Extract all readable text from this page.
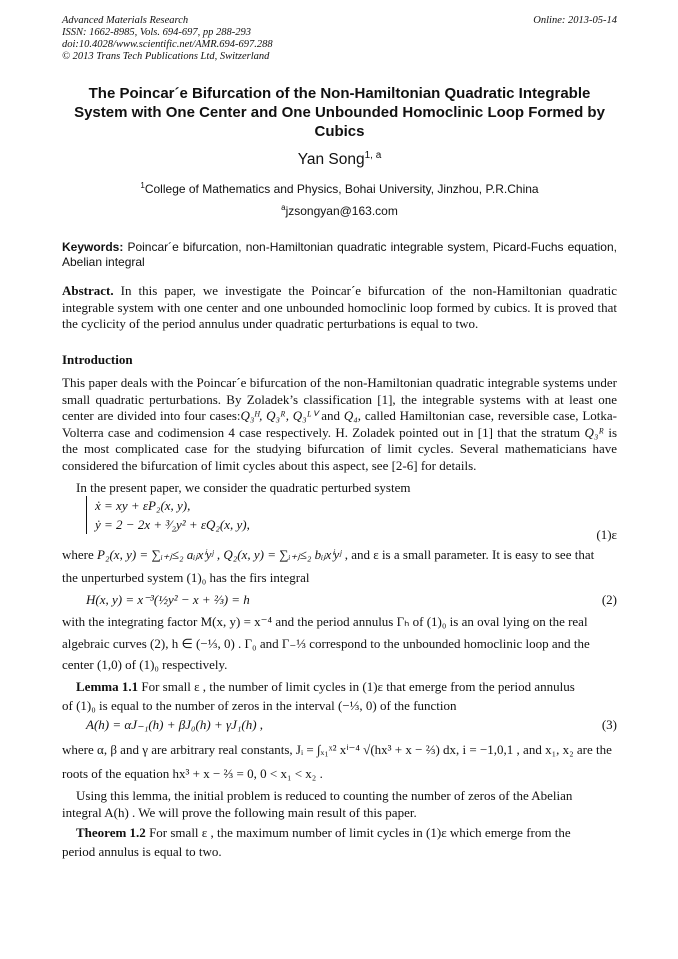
Advanced Materials Research
ISSN: 1662-8985, Vols. 694-697, pp 288-293
doi:10.4028/www.scientific.net/AMR.694-697.288
© 2013 Trans Tech Publications Ltd, Switzerland
Online: 2013-05-14
The Poincar´e Bifurcation of the Non-Hamiltonian Quadratic Integrable System with One Center and One Unbounded Homoclinic Loop Formed by Cubics
Yan Song$^{1, a}$
$^1$College of Mathematics and Physics, Bohai University, Jinzhou, P.R.China
$^a$jzsongyan@163.com
Keywords: Poincar´e bifurcation, non-Hamiltonian quadratic integrable system, Picard-Fuchs equation, Abelian integral
Abstract. In this paper, we investigate the Poincar´e bifurcation of the non-Hamiltonian quadratic integrable system with one center and one unbounded homoclinic loop formed by cubics. It is proved that the cyclicity of the period annulus under quadratic perturbations is equal to two.
Introduction
This paper deals with the Poincar´e bifurcation of the non-Hamiltonian quadratic integrable systems under small quadratic perturbations. By Zoladek’s classification [1], the integrable systems with at least one center are divided into four cases:Q₃ᴴ, Q₃ᴿ, Q₃ᴸⱽ and Q₄, called Hamiltonian case, reversible case, Lotka-Volterra case and codimension 4 case respectively. H. Zoladek pointed out in [1] that the stratum Q₃ᴿ is the most complicated case for the studying bifurcation of limit cycles. Several mathematicians have considered the bifurcation of limit cycles about this aspect, see [2-6] for details.
In the present paper, we consider the quadratic perturbed system
ẋ = xy + εP₂(x, y),
ẏ = 2 − 2x + ³⁄₂y² + εQ₂(x, y),
(1)ε
where P₂(x, y) = ∑ᵢ₊ⱼ≤₂ aᵢⱼxⁱyʲ , Q₂(x, y) = ∑ᵢ₊ⱼ≤₂ bᵢⱼxⁱyʲ , and ε is a small parameter. It is easy to see that
the unperturbed system (1)₀ has the firs integral
H(x, y) = x⁻³(½y² − x + ⅔) = h	(2)
with the integrating factor M(x, y) = x⁻⁴ and the period annulus Γₕ of (1)₀ is an oval lying on the real
algebraic curves (2), h ∈ (−⅓, 0) . Γ₀ and Γ₋⅓ correspond to the unbounded homoclinic loop and the
center (1,0) of (1)₀ respectively.
Lemma 1.1 For small ε , the number of limit cycles in (1)ε that emerge from the period annulus
of (1)₀ is equal to the number of zeros in the interval (−⅓, 0) of the function
A(h) = αJ₋₁(h) + βJ₀(h) + γJ₁(h) ,	(3)
where α, β and γ are arbitrary real constants, Jᵢ = ∫ₓ₁ˣ² xⁱ⁻⁴ √(hx³ + x − ⅔) dx, i = −1,0,1 , and x₁, x₂ are the
roots of the equation hx³ + x − ⅔ = 0, 0 < x₁ < x₂ .
Using this lemma, the initial problem is reduced to counting the number of zeros of the Abelian
integral A(h) . We will prove the following main result of this paper.
Theorem 1.2 For small ε , the maximum number of limit cycles in (1)ε which emerge from the
period annulus is equal to two.
